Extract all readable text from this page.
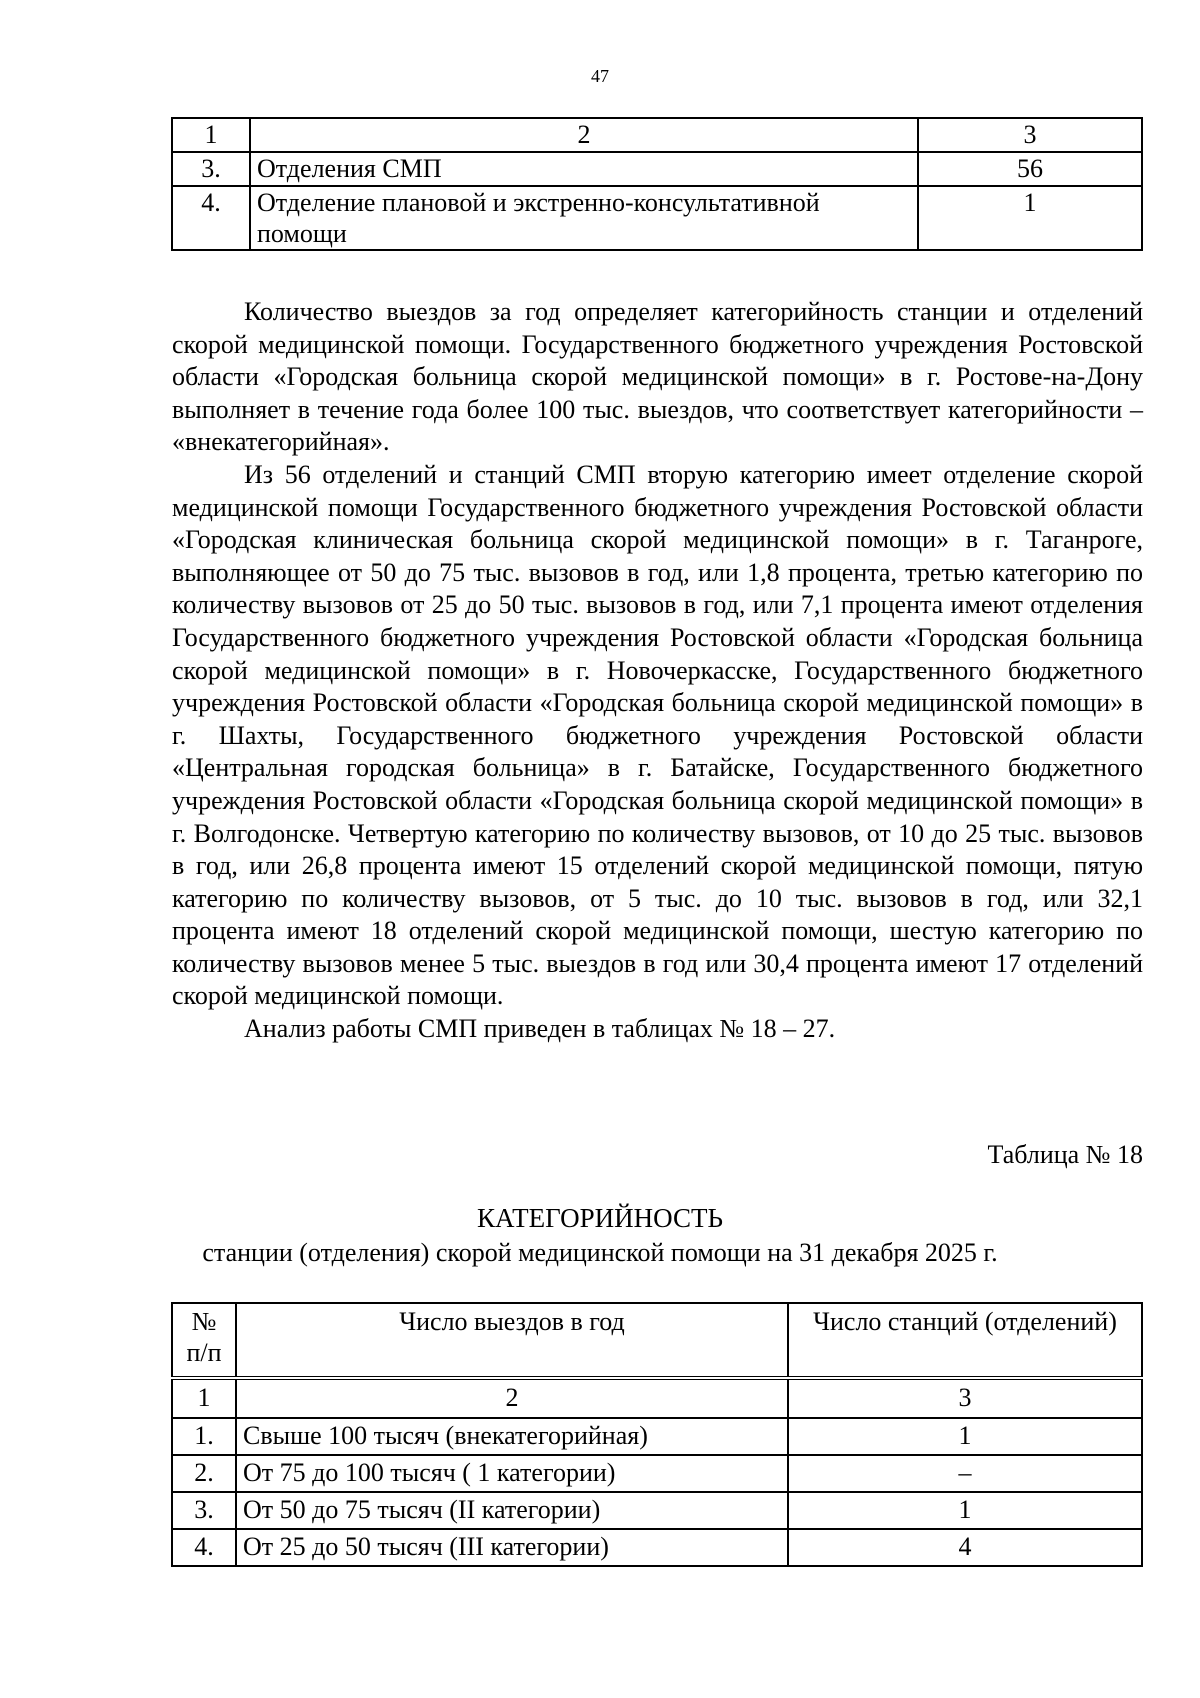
47
1	2	3
3.	Отделения СМП	56
4.	Отделение плановой и экстренно-консультативной помощи	1

Количество выездов за год определяет категорийность станции и отделений скорой медицинской помощи. Государственного бюджетного учреждения Ростовской области «Городская больница скорой медицинской помощи» в г. Ростове-на-Дону выполняет в течение года более 100 тыс. выездов, что соответствует категорийности – «внекатегорийная».

Из 56 отделений и станций СМП вторую категорию имеет отделение скорой медицинской помощи Государственного бюджетного учреждения Ростовской области «Городская клиническая больница скорой медицинской помощи» в г. Таганроге, выполняющее от 50 до 75 тыс. вызовов в год, или 1,8 процента, третью категорию по количеству вызовов от 25 до 50 тыс. вызовов в год, или 7,1 процента имеют отделения Государственного бюджетного учреждения Ростовской области «Городская больница скорой медицинской помощи» в г. Новочеркасске, Государственного бюджетного учреждения Ростовской области «Городская больница скорой медицинской помощи» в г. Шахты, Государственного бюджетного учреждения Ростовской области «Центральная городская больница» в г. Батайске, Государственного бюджетного учреждения Ростовской области «Городская больница скорой медицинской помощи» в г. Волгодонске. Четвертую категорию по количеству вызовов, от 10 до 25 тыс. вызовов в год, или 26,8 процента имеют 15 отделений скорой медицинской помощи, пятую категорию по количеству вызовов, от 5 тыс. до 10 тыс. вызовов в год, или 32,1 процента имеют 18 отделений скорой медицинской помощи, шестую категорию по количеству вызовов менее 5 тыс. выездов в год или 30,4 процента имеют 17 отделений скорой медицинской помощи.

Анализ работы СМП приведен в таблицах № 18 – 27.

Таблица № 18
КАТЕГОРИЙНОСТЬ
станции (отделения) скорой медицинской помощи на 31 декабря 2025 г.
№ п/п	Число выездов в год	Число станций (отделений)
1	2	3
1.	Свыше 100 тысяч (внекатегорийная)	1
2.	От 75 до 100 тысяч ( 1 категории)	–
3.	От 50 до 75 тысяч (II категории)	1
4.	От 25 до 50 тысяч (III категории)	4
